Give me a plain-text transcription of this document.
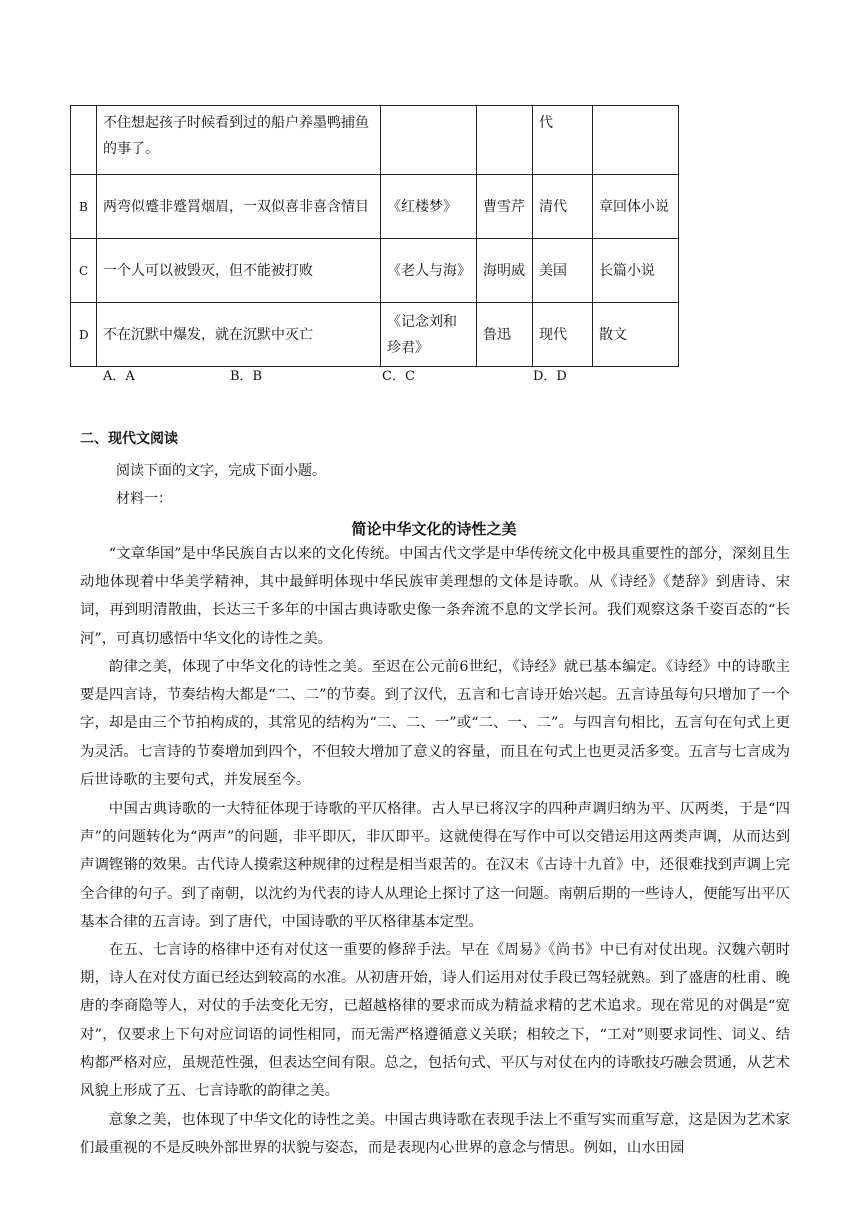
	不住想起孩子时候看到过的船户养墨鸭捕鱼的事了。			代	
B	两弯似蹙非蹙罥烟眉，一双似喜非喜含情目	《红楼梦》	曹雪芹	清代	章回体小说
C	一个人可以被毁灭，但不能被打败	《老人与海》	海明威	美国	长篇小说
D	不在沉默中爆发，就在沉默中灭亡	《记念刘和珍君》	鲁迅	现代	散文
A．A	B．B	C．C	D．D
二、现代文阅读
阅读下面的文字，完成下面小题。
材料一：
简论中华文化的诗性之美

“文章华国”是中华民族自古以来的文化传统。中国古代文学是中华传统文化中极具重要性的部分，深刻且生动地体现着中华美学精神，其中最鲜明体现中华民族审美理想的文体是诗歌。从《诗经》《楚辞》到唐诗、宋词，再到明清散曲，长达三千多年的中国古典诗歌史像一条奔流不息的文学长河。我们观察这条千姿百态的“长河”，可真切感悟中华文化的诗性之美。

韵律之美，体现了中华文化的诗性之美。至迟在公元前6世纪，《诗经》就已基本编定。《诗经》中的诗歌主要是四言诗，节奏结构大都是“二、二”的节奏。到了汉代，五言和七言诗开始兴起。五言诗虽每句只增加了一个字，却是由三个节拍构成的，其常见的结构为“二、二、一”或“二、一、二”。与四言句相比，五言句在句式上更为灵活。七言诗的节奏增加到四个，不但较大增加了意义的容量，而且在句式上也更灵活多变。五言与七言成为后世诗歌的主要句式，并发展至今。

中国古典诗歌的一大特征体现于诗歌的平仄格律。古人早已将汉字的四种声调归纳为平、仄两类，于是“四声”的问题转化为“两声”的问题，非平即仄，非仄即平。这就使得在写作中可以交错运用这两类声调，从而达到声调铿锵的效果。古代诗人摸索这种规律的过程是相当艰苦的。在汉末《古诗十九首》中，还很难找到声调上完全合律的句子。到了南朝，以沈约为代表的诗人从理论上探讨了这一问题。南朝后期的一些诗人，便能写出平仄基本合律的五言诗。到了唐代，中国诗歌的平仄格律基本定型。

在五、七言诗的格律中还有对仗这一重要的修辞手法。早在《周易》《尚书》中已有对仗出现。汉魏六朝时期，诗人在对仗方面已经达到较高的水准。从初唐开始，诗人们运用对仗手段已驾轻就熟。到了盛唐的杜甫、晚唐的李商隐等人，对仗的手法变化无穷，已超越格律的要求而成为精益求精的艺术追求。现在常见的对偶是“宽对”，仅要求上下句对应词语的词性相同，而无需严格遵循意义关联；相较之下，“工对”则要求词性、词义、结构都严格对应，虽规范性强，但表达空间有限。总之，包括句式、平仄与对仗在内的诗歌技巧融会贯通，从艺术风貌上形成了五、七言诗歌的韵律之美。

意象之美，也体现了中华文化的诗性之美。中国古典诗歌在表现手法上不重写实而重写意，这是因为艺术家们最重视的不是反映外部世界的状貌与姿态，而是表现内心世界的意念与情思。例如，山水田园
